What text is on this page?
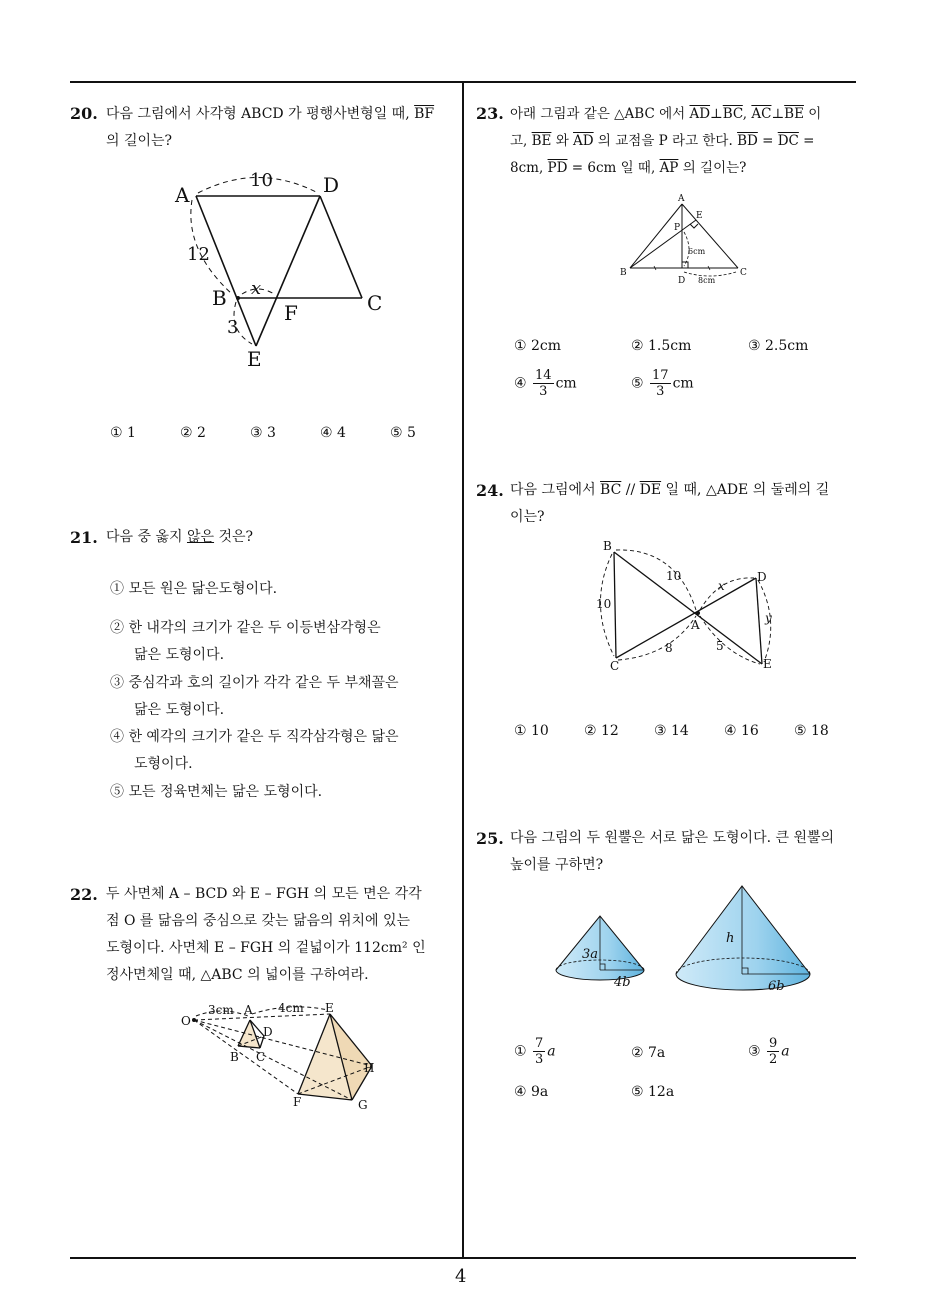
4
20. 다음 그림에서 사각형 ABCD 가 평행사변형일 때, $\overline{BF}$
의 길이는?
A	D
B	C
F
E
10
12
3
x
① 1	② 2	③ 3	④ 4	⑤ 5
21. 다음 중 옳지 않은 것은?
① 모든 원은 닮은도형이다.
② 한 내각의 크기가 같은 두 이등변삼각형은
닮은 도형이다.
③ 중심각과 호의 길이가 각각 같은 두 부채꼴은
닮은 도형이다.
④ 한 예각의 크기가 같은 두 직각삼각형은 닮은
도형이다.
⑤ 모든 정육면체는 닮은 도형이다.
22. 두 사면체 A – BCD 와 E – FGH 의 모든 면은 각각
점 O 를 닮음의 중심으로 갖는 닮음의 위치에 있는
도형이다. 사면체 E – FGH 의 겉넓이가 112cm² 인
정사면체일 때, △ABC 의 넓이를 구하여라.
O
A
B C
D
E
F	G
H
3cm	4cm
23. 아래 그림과 같은 △ABC 에서 $\overline{AD}\perp\overline{BC}$, $\overline{AC}\perp\overline{BE}$ 이
고, $\overline{BE}$ 와 $\overline{AD}$ 의 교점을 P 라고 한다. $\overline{BD} = \overline{DC}$ =
8cm, $\overline{PD} = 6cm$ 일 때, $\overline{AP}$ 의 길이는?
A
E
P
B	C
D
6cm
8cm
① 2cm	② 1.5cm	③ 2.5cm
④ $\frac{14}{3}$ cm	⑤ $\frac{17}{3}$ cm
24. 다음 그림에서 $\overline{BC} // \overline{DE}$ 일 때, △ADE 의 둘레의 길
이는?
B
C
D
E
A
10
10
8	5
x
y
① 10	② 12	③ 14	④ 16	⑤ 18
25. 다음 그림의 두 원뿔은 서로 닮은 도형이다. 큰 원뿔의
높이를 구하면?
3a
4b
h
6b
① $\frac{7}{3}$ a	② 7a	③ $\frac{9}{2}$ a
④ 9a	⑤ 12a
